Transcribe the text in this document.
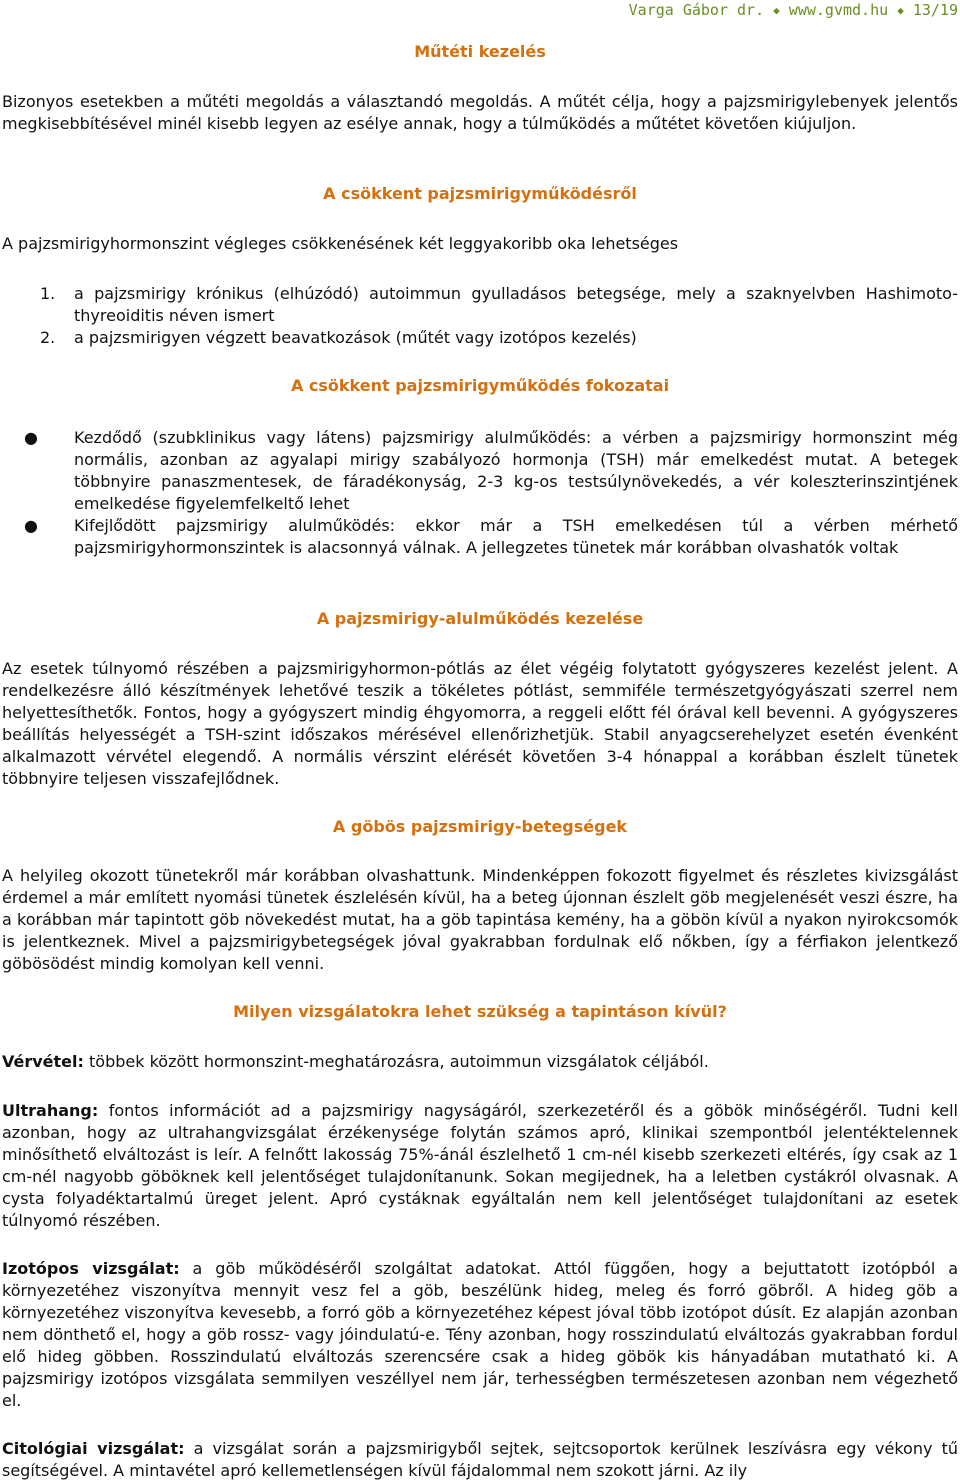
Varga Gábor dr. ◆ www.gvmd.hu ◆ 13/19
Műtéti kezelés

Bizonyos esetekben a műtéti megoldás a választandó megoldás. A műtét célja, hogy a pajzsmirigylebenyek jelentős megkisebbítésével minél kisebb legyen az esélye annak, hogy a túlműködés a műtétet követően kiújuljon.

A csökkent pajzsmirigyműködésről

A pajzsmirigyhormonszint végleges csökkenésének két leggyakoribb oka lehetséges

1. a pajzsmirigy krónikus (elhúzódó) autoimmun gyulladásos betegsége, mely a szaknyelvben Hashimoto-thyreoiditis néven ismert
2. a pajzsmirigyen végzett beavatkozások (műtét vagy izotópos kezelés)
A csökkent pajzsmirigyműködés fokozatai
● Kezdődő (szubklinikus vagy látens) pajzsmirigy alulműködés: a vérben a pajzsmirigy hormonszint még normális, azonban az agyalapi mirigy szabályozó hormonja (TSH) már emelkedést mutat. A betegek többnyire panaszmentesek, de fáradékonyság, 2-3 kg-os testsúlynövekedés, a vér koleszterinszintjének emelkedése figyelemfelkeltő lehet
● Kifejlődött pajzsmirigy alulműködés: ekkor már a TSH emelkedésen túl a vérben mérhető pajzsmirigyhormonszintek is alacsonnyá válnak. A jellegzetes tünetek már korábban olvashatók voltak
A pajzsmirigy-alulműködés kezelése

Az esetek túlnyomó részében a pajzsmirigyhormon-pótlás az élet végéig folytatott gyógyszeres kezelést jelent. A rendelkezésre álló készítmények lehetővé teszik a tökéletes pótlást, semmiféle természetgyógyászati szerrel nem helyettesíthetők. Fontos, hogy a gyógyszert mindig éhgyomorra, a reggeli előtt fél órával kell bevenni. A gyógyszeres beállítás helyességét a TSH-szint időszakos mérésével ellenőrizhetjük. Stabil anyagcserehelyzet esetén évenként alkalmazott vérvétel elegendő. A normális vérszint elérését követően 3-4 hónappal a korábban észlelt tünetek többnyire teljesen visszafejlődnek.

A göbös pajzsmirigy-betegségek

A helyileg okozott tünetekről már korábban olvashattunk. Mindenképpen fokozott figyelmet és részletes kivizsgálást érdemel a már említett nyomási tünetek észlelésén kívül, ha a beteg újonnan észlelt göb megjelenését veszi észre, ha a korábban már tapintott göb növekedést mutat, ha a göb tapintása kemény, ha a göbön kívül a nyakon nyirokcsomók is jelentkeznek. Mivel a pajzsmirigybetegségek jóval gyakrabban fordulnak elő nőkben, így a férfiakon jelentkező göbösödést mindig komolyan kell venni.

Milyen vizsgálatokra lehet szükség a tapintáson kívül?

Vérvétel: többek között hormonszint-meghatározásra, autoimmun vizsgálatok céljából.

Ultrahang: fontos információt ad a pajzsmirigy nagyságáról, szerkezetéről és a göbök minőségéről. Tudni kell azonban, hogy az ultrahangvizsgálat érzékenysége folytán számos apró, klinikai szempontból jelentéktelennek minősíthető elváltozást is leír. A felnőtt lakosság 75%-ánál észlelhető 1 cm-nél kisebb szerkezeti eltérés, így csak az 1 cm-nél nagyobb göböknek kell jelentőséget tulajdonítanunk. Sokan megijednek, ha a leletben cystákról olvasnak. A cysta folyadéktartalmú üreget jelent. Apró cystáknak egyáltalán nem kell jelentőséget tulajdonítani az esetek túlnyomó részében.

Izotópos vizsgálat: a göb működéséről szolgáltat adatokat. Attól függően, hogy a bejuttatott izotópból a környezetéhez viszonyítva mennyit vesz fel a göb, beszélünk hideg, meleg és forró göbről. A hideg göb a környezetéhez viszonyítva kevesebb, a forró göb a környezetéhez képest jóval több izotópot dúsít. Ez alapján azonban nem dönthető el, hogy a göb rossz- vagy jóindulatú-e. Tény azonban, hogy rosszindulatú elváltozás gyakrabban fordul elő hideg göbben. Rosszindulatú elváltozás szerencsére csak a hideg göbök kis hányadában mutatható ki. A pajzsmirigy izotópos vizsgálata semmilyen veszéllyel nem jár, terhességben természetesen azonban nem végezhető el.

Citológiai vizsgálat: a vizsgálat során a pajzsmirigyből sejtek, sejtcsoportok kerülnek leszívásra egy vékony tű segítségével. A mintavétel apró kellemetlenségen kívül fájdalommal nem szokott járni. Az ily
